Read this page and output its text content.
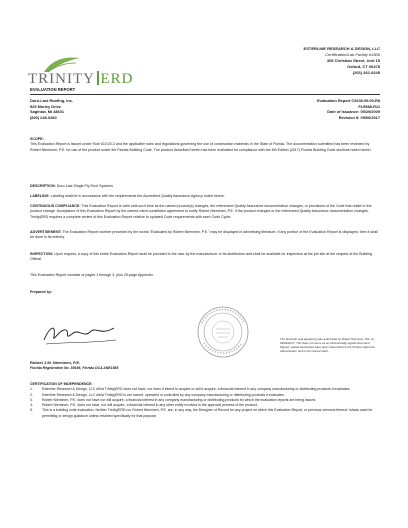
TRINITY ERD
ESTERLINE RESEARCH & DESIGN, LLC
Certification/Lab Facility #1900
305 Christian Street, Unit 15
Oxford, CT 06478
(203) 262-9245
EVALUATION REPORT
Duro-Last Roofing, Inc.
525 Morley Drive
Saginaw, MI 48601
(800) 248-0280
Evaluation Report C9230.05.09-R8
FL5988-R11
Date of Issuance: 05/29/2009
Revision 8: 09/06/2017
SCOPE:
This Evaluation Report is issued under Rule 61G20-3 and the applicable rules and regulations governing the use of construction materials in the State of Florida. The documentation submitted has been reviewed by Robert Nieminen, P.E. for use of the product under the Florida Building Code. The product described herein has been evaluated for compliance with the 6th Edition (2017) Florida Building Code sections noted herein.
DESCRIPTION: Duro-Last Single Ply Roof Systems
LABELING: Labeling shall be in accordance with the requirements the Accredited Quality Assurance Agency noted herein.
CONTINUOUS COMPLIANCE: This Evaluation Report is valid until such time as the named product(s) changes, the referenced Quality Assurance documentation changes, or provisions of the Code that relate to the product change. Acceptance of this Evaluation Report by the named client constitutes agreement to notify Robert Nieminen, P.E. if the product changes or the referenced Quality Assurance documentation changes. Trinity|ERD requires a complete review of this Evaluation Report relative to updated Code requirements with each Code Cycle.
ADVERTISEMENT: The Evaluation Report number preceded by the words "Evaluated by Robert Nieminen, P.E." may be displayed in advertising literature. If any portion of the Evaluation Report is displayed, then it shall be done in its entirety.
INSPECTION: Upon request, a copy of this entire Evaluation Report shall be provided to the user by the manufacturer or its distributors and shall be available for inspection at the job site at the request of the Building Official.
This Evaluation Report consists of pages 1 through 4, plus 25-page Appendix.
Prepared by:
The facsimile seal appearing was authorized by Robert Nieminen, P.E. on 09/06/2017. This does not serve as an electronically signed document. Signed, sealed hardcopies have been transmitted to the Product Approval Administrator and to the named client.
Robert J.M. Nieminen, P.E.
Florida Registration No. 59166, Florida DCA ANE1983
CERTIFICATION OF INDEPENDENCE:
1.	Esterline Research & Design, LLC d/b/a Trinity|ERD does not have, nor does it intend to acquire or will it acquire, a financial interest in any company manufacturing or distributing products it evaluates.
2.	Esterline Research & Design, LLC d/b/a Trinity|ERD is not owned, operated or controlled by any company manufacturing or distributing products it evaluates.
3.	Robert Nieminen, P.E. does not have nor will acquire, a financial interest in any company manufacturing or distributing products for which the evaluation reports are being issued.
4.	Robert Nieminen, P.E. does not have, nor will acquire, a financial interest in any other entity involved in the approval process of the product.
5.	This is a building code evaluation. Neither Trinity|ERD nor Robert Nieminen, P.E. are, in any way, the Designer of Record for any project on which this Evaluation Report, or previous versions thereof, is/was used for permitting or design guidance unless retained specifically for that purpose.
